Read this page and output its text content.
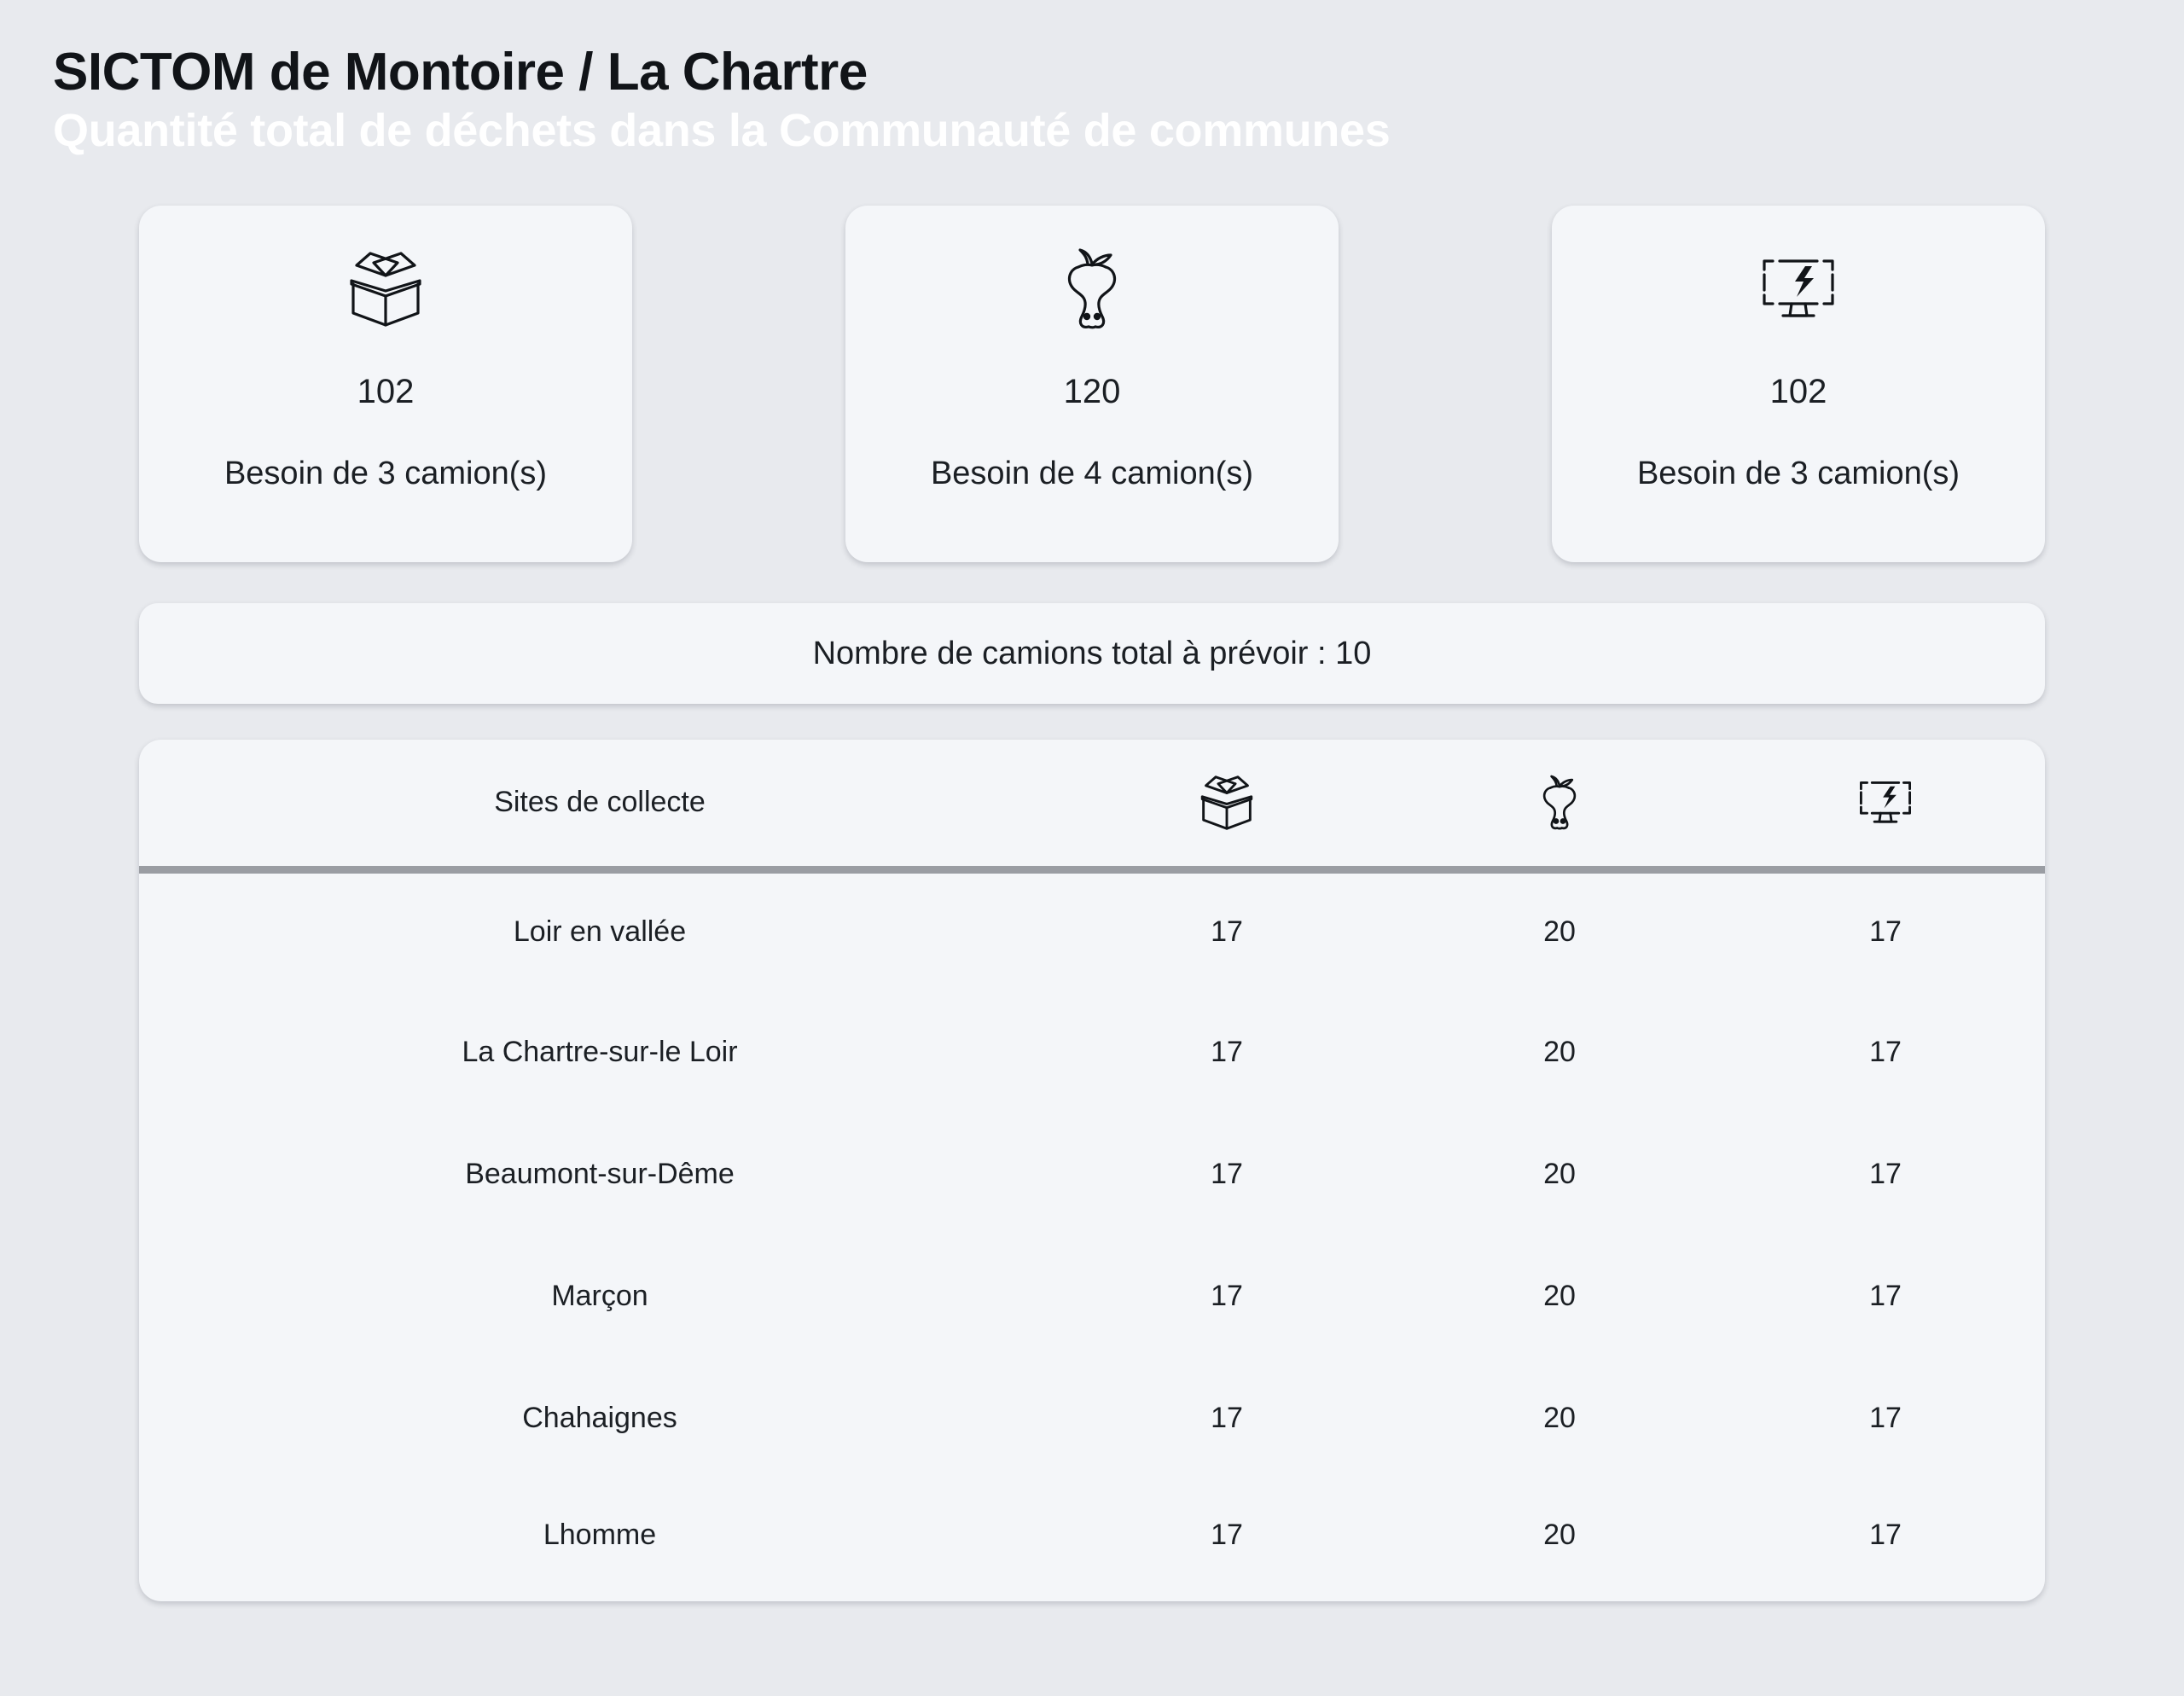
SICTOM de Montoire / La Chartre
Quantité total de déchets dans la Communauté de communes
102
Besoin de 3 camion(s)
120
Besoin de 4 camion(s)
102
Besoin de 3 camion(s)
Nombre de camions total à prévoir : 10
Sites de collecte	

Loir en vallée	17	20	17
La Chartre-sur-le Loir	17	20	17
Beaumont-sur-Dême	17	20	17
Marçon	17	20	17
Chahaignes	17	20	17
Lhomme	17	20	17
